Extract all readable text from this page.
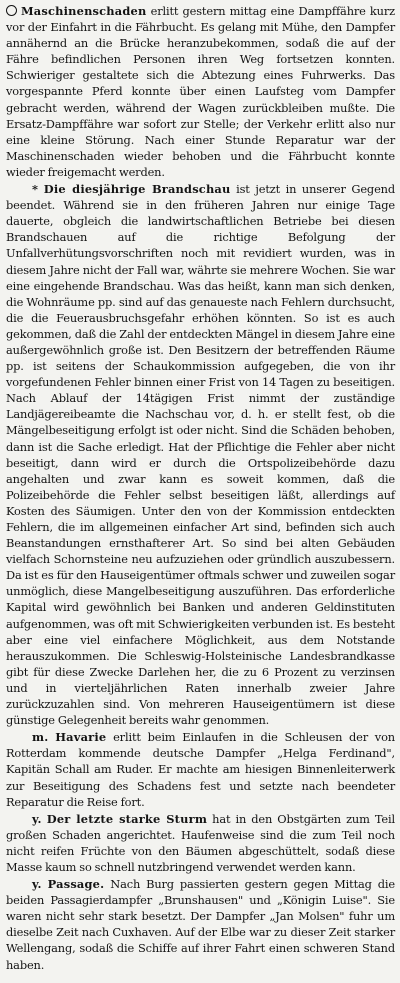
Maschinenschaden erlitt gestern mittag eine Dampffähre kurz vor der Einfahrt in die Fährbucht. Es gelang mit Mühe, den Dampfer annähernd an die Brücke heranzubekommen, sodaß die auf der Fähre befindlichen Personen ihren Weg fortsetzen konnten. Schwieriger gestaltete sich die Abtezung eines Fuhrwerks. Das vorgespannte Pferd konnte über einen Laufsteg vom Dampfer gebracht werden, während der Wagen zurückbleiben mußte. Die Ersatz-Dampffähre war sofort zur Stelle; der Verkehr erlitt also nur eine kleine Störung. Nach einer Stunde Reparatur war der Maschinenschaden wieder behoben und die Fährbucht konnte wieder freigemacht werden.

* Die diesjährige Brandschau ist jetzt in unserer Gegend beendet. Während sie in den früheren Jahren nur einige Tage dauerte, obgleich die landwirtschaftlichen Betriebe bei diesen Brandschauen auf die richtige Befolgung der Unfallverhütungsvorschriften noch mit revidiert wurden, was in diesem Jahre nicht der Fall war, währte sie mehrere Wochen. Sie war eine eingehende Brandschau. Was das heißt, kann man sich denken, die Wohnräume pp. sind auf das genaueste nach Fehlern durchsucht, die die Feuerausbruchsgefahr erhöhen könnten. So ist es auch gekommen, daß die Zahl der entdeckten Mängel in diesem Jahre eine außergewöhnlich große ist. Den Besitzern der betreffenden Räume pp. ist seitens der Schaukommission aufgegeben, die von ihr vorgefundenen Fehler binnen einer Frist von 14 Tagen zu beseitigen. Nach Ablauf der 14tägigen Frist nimmt der zuständige Landjägereibeamte die Nachschau vor, d. h. er stellt fest, ob die Mängelbeseitigung erfolgt ist oder nicht. Sind die Schäden behoben, dann ist die Sache erledigt. Hat der Pflichtige die Fehler aber nicht beseitigt, dann wird er durch die Ortspolizeibehörde dazu angehalten und zwar kann es soweit kommen, daß die Polizeibehörde die Fehler selbst beseitigen läßt, allerdings auf Kosten des Säumigen. Unter den von der Kommission entdeckten Fehlern, die im allgemeinen einfacher Art sind, befinden sich auch Beanstandungen ernsthafterer Art. So sind bei alten Gebäuden vielfach Schornsteine neu aufzuziehen oder gründlich auszubessern. Da ist es für den Hauseigentümer oftmals schwer und zuweilen sogar unmöglich, diese Mangelbeseitigung auszuführen. Das erforderliche Kapital wird gewöhnlich bei Banken und anderen Geldinstituten aufgenommen, was oft mit Schwierigkeiten verbunden ist. Es besteht aber eine viel einfachere Möglichkeit, aus dem Notstande herauszukommen. Die Schleswig-Holsteinische Landesbrandkasse gibt für diese Zwecke Darlehen her, die zu 6 Prozent zu verzinsen und in vierteljährlichen Raten innerhalb zweier Jahre zurückzuzahlen sind. Von mehreren Hauseigentümern ist diese günstige Gelegenheit bereits wahr genommen.

m. Havarie erlitt beim Einlaufen in die Schleusen der von Rotterdam kommende deutsche Dampfer „Helga Ferdinand", Kapitän Schall am Ruder. Er machte am hiesigen Binnenleiterwerk zur Beseitigung des Schadens fest und setzte nach beendeter Reparatur die Reise fort.

y. Der letzte starke Sturm hat in den Obstgärten zum Teil großen Schaden angerichtet. Haufenweise sind die zum Teil noch nicht reifen Früchte von den Bäumen abgeschüttelt, sodaß diese Masse kaum so schnell nutzbringend verwendet werden kann.

y. Passage. Nach Burg passierten gestern gegen Mittag die beiden Passagierdampfer „Brunshausen" und „Königin Luise". Sie waren nicht sehr stark besetzt. Der Dampfer „Jan Molsen" fuhr um dieselbe Zeit nach Cuxhaven. Auf der Elbe war zu dieser Zeit starker Wellengang, sodaß die Schiffe auf ihrer Fahrt einen schweren Stand haben.
